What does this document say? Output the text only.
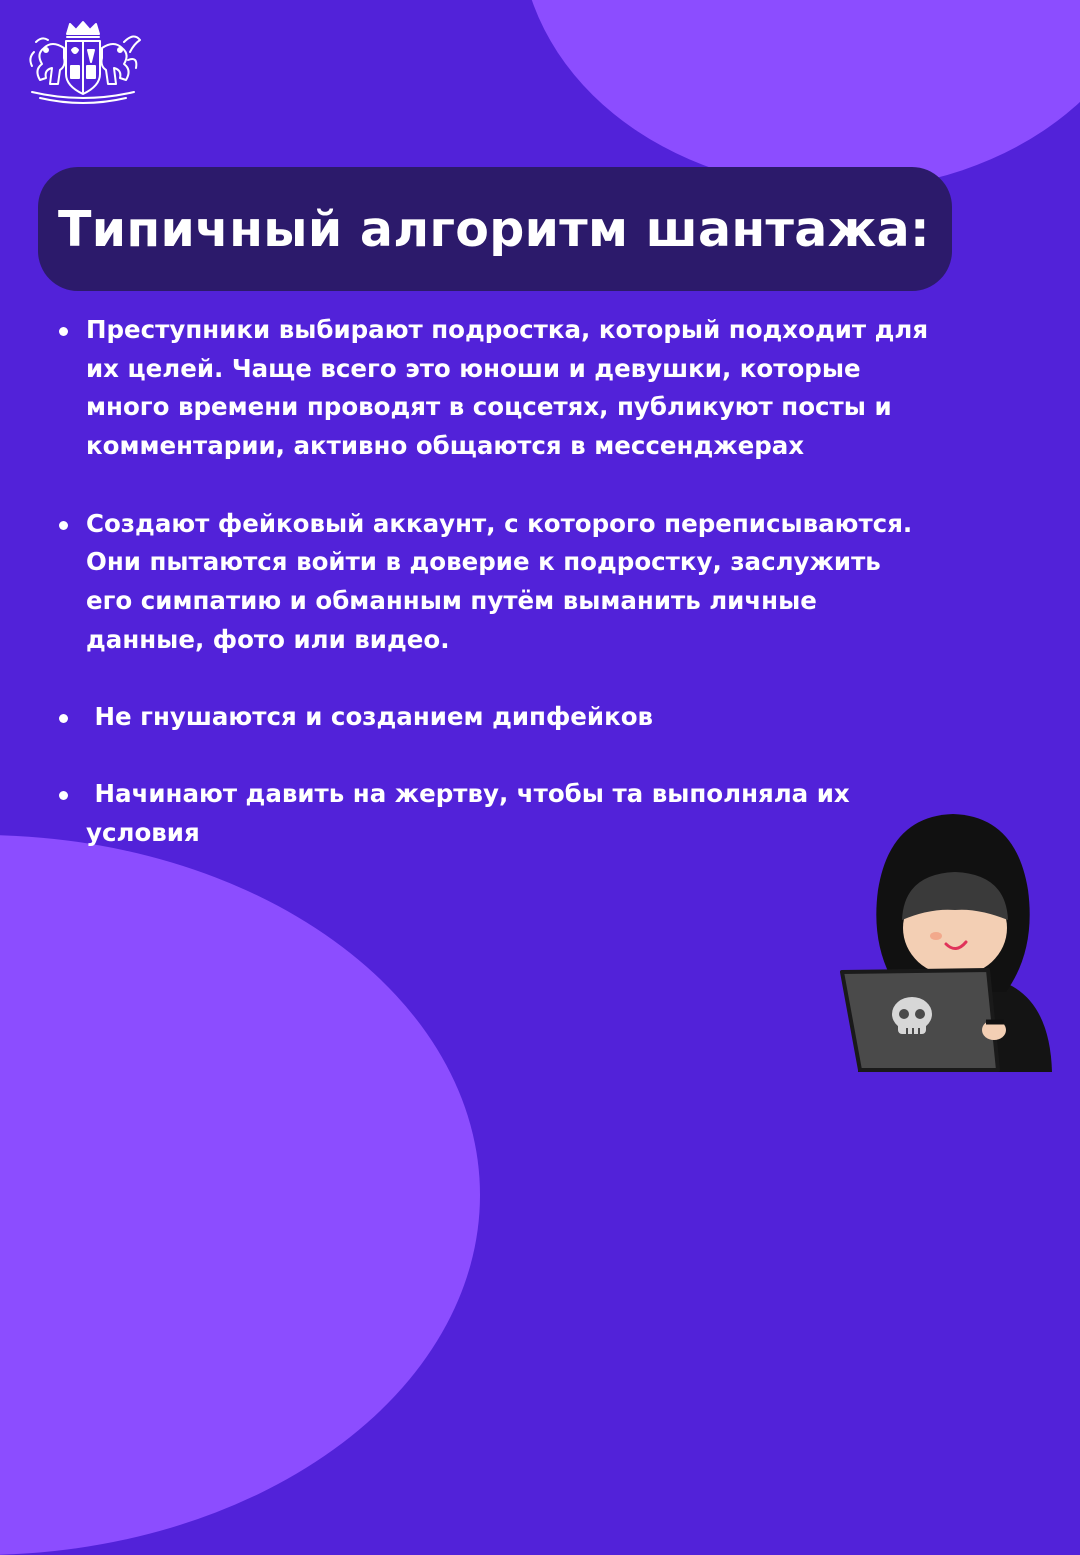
Типичный алгоритм шантажа:
Преступники выбирают подростка, который подходит для
их целей. Чаще всего это юноши и девушки, которые
много времени проводят в соцсетях, публикуют посты и
комментарии, активно общаются в мессенджерах
Создают фейковый аккаунт, с которого переписываются.
Они пытаются войти в доверие к подростку, заслужить
его симпатию и обманным путём выманить личные
данные, фото или видео.
Не гнушаются и созданием дипфейков
Начинают давить на жертву, чтобы та выполняла их
условия
